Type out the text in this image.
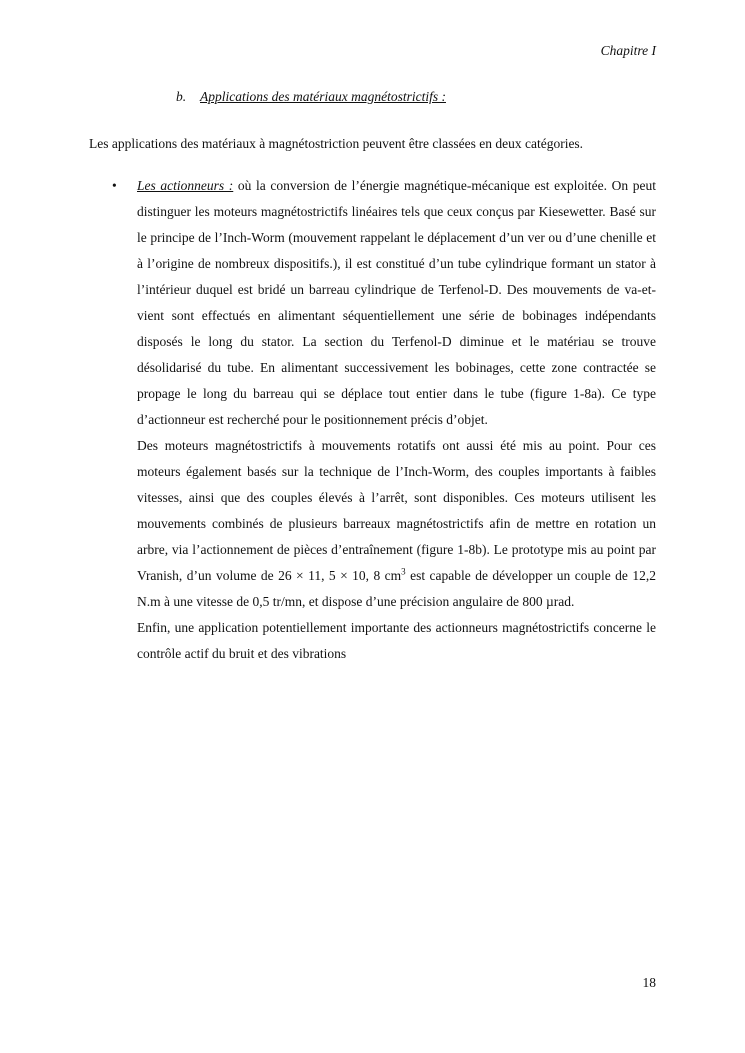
Chapitre I
b. Applications des matériaux magnétostrictifs :
Les applications des matériaux à magnétostriction peuvent être classées en deux catégories.
• Les actionneurs : où la conversion de l’énergie magnétique-mécanique est exploitée. On peut distinguer les moteurs magnétostrictifs linéaires tels que ceux conçus par Kiesewetter. Basé sur le principe de l’Inch-Worm (mouvement rappelant le déplacement d’un ver ou d’une chenille et à l’origine de nombreux dispositifs.), il est constitué d’un tube cylindrique formant un stator à l’intérieur duquel est bridé un barreau cylindrique de Terfenol-D. Des mouvements de va-et-vient sont effectués en alimentant séquentiellement une série de bobinages indépendants disposés le long du stator. La section du Terfenol-D diminue et le matériau se trouve désolidarisé du tube. En alimentant successivement les bobinages, cette zone contractée se propage le long du barreau qui se déplace tout entier dans le tube (figure 1-8a). Ce type d’actionneur est recherché pour le positionnement précis d’objet.

Des moteurs magnétostrictifs à mouvements rotatifs ont aussi été mis au point. Pour ces moteurs également basés sur la technique de l’Inch-Worm, des couples importants à faibles vitesses, ainsi que des couples élevés à l’arrêt, sont disponibles. Ces moteurs utilisent les mouvements combinés de plusieurs barreaux magnétostrictifs afin de mettre en rotation un arbre, via l’actionnement de pièces d’entraînement (figure 1-8b). Le prototype mis au point par Vranish, d’un volume de 26 × 11, 5 × 10, 8 $cm^3$ est capable de développer un couple de 12,2 N.m à une vitesse de 0,5 tr/mn, et dispose d’une précision angulaire de 800 µrad.

Enfin, une application potentiellement importante des actionneurs magnétostrictifs concerne le contrôle actif du bruit et des vibrations

18
